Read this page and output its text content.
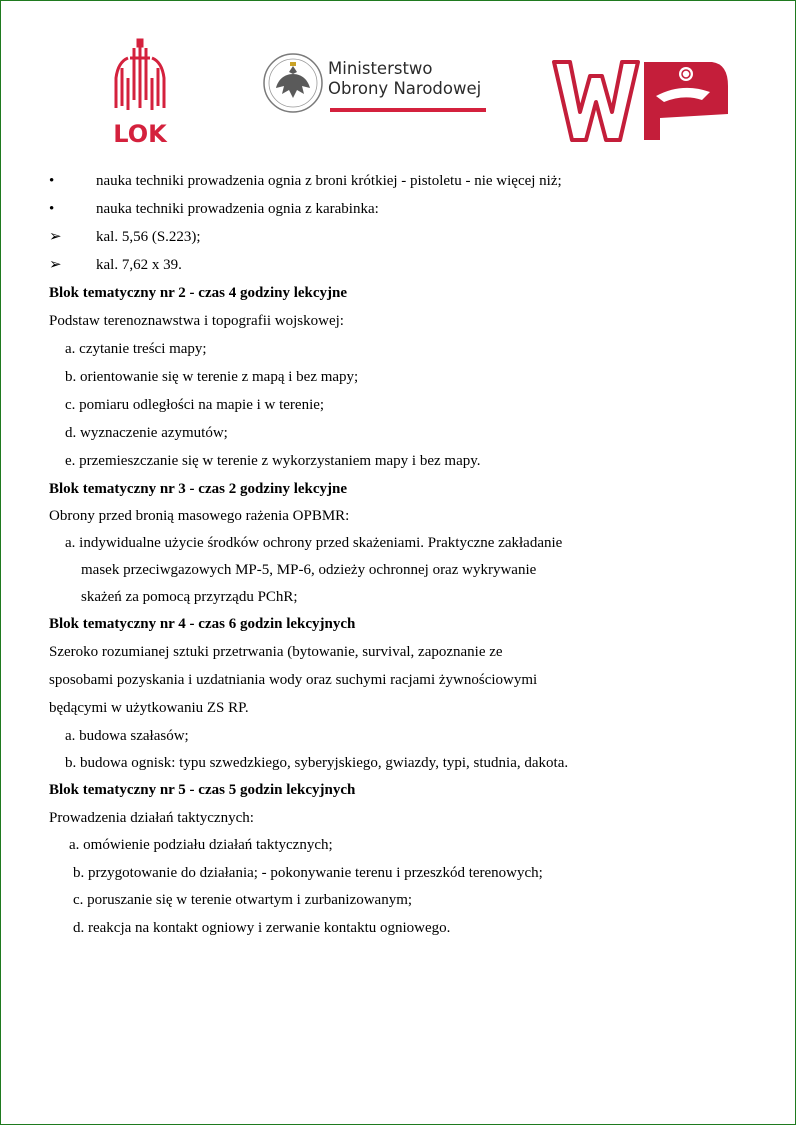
LOK
Ministerstwo
Obrony Narodowej
WOJSKO
POLSKIE
•	nauka techniki prowadzenia ognia z broni krótkiej - pistoletu - nie więcej niż;
•	nauka techniki prowadzenia ognia z karabinka:
➢	kal. 5,56 (S.223);
➢	kal. 7,62 x 39.
Blok tematyczny nr 2 - czas 4 godziny lekcyjne
Podstaw terenoznawstwa i topografii wojskowej:
a. czytanie treści mapy;
b. orientowanie się w terenie z mapą i bez mapy;
c. pomiaru odległości na mapie i w terenie;
d. wyznaczenie azymutów;
e. przemieszczanie się w terenie z wykorzystaniem mapy i bez mapy.
Blok tematyczny nr 3 - czas 2 godziny lekcyjne
Obrony przed bronią masowego rażenia OPBMR:
a. indywidualne użycie środków ochrony przed skażeniami. Praktyczne zakładanie
masek przeciwgazowych MP-5, MP-6, odzieży ochronnej oraz wykrywanie
skażeń za pomocą przyrządu PChR;
Blok tematyczny nr 4 - czas 6 godzin lekcyjnych
Szeroko rozumianej sztuki przetrwania (bytowanie, survival, zapoznanie ze
sposobami pozyskania i uzdatniania wody oraz suchymi racjami żywnościowymi
będącymi w użytkowaniu ZS RP.
a. budowa szałasów;
b. budowa ognisk: typu szwedzkiego, syberyjskiego, gwiazdy, typi, studnia, dakota.
Blok tematyczny nr 5 - czas 5 godzin lekcyjnych
Prowadzenia działań taktycznych:
a. omówienie podziału działań taktycznych;
b. przygotowanie do działania; - pokonywanie terenu i przeszkód terenowych;
c. poruszanie się w terenie otwartym i zurbanizowanym;
d. reakcja na kontakt ogniowy i zerwanie kontaktu ogniowego.
